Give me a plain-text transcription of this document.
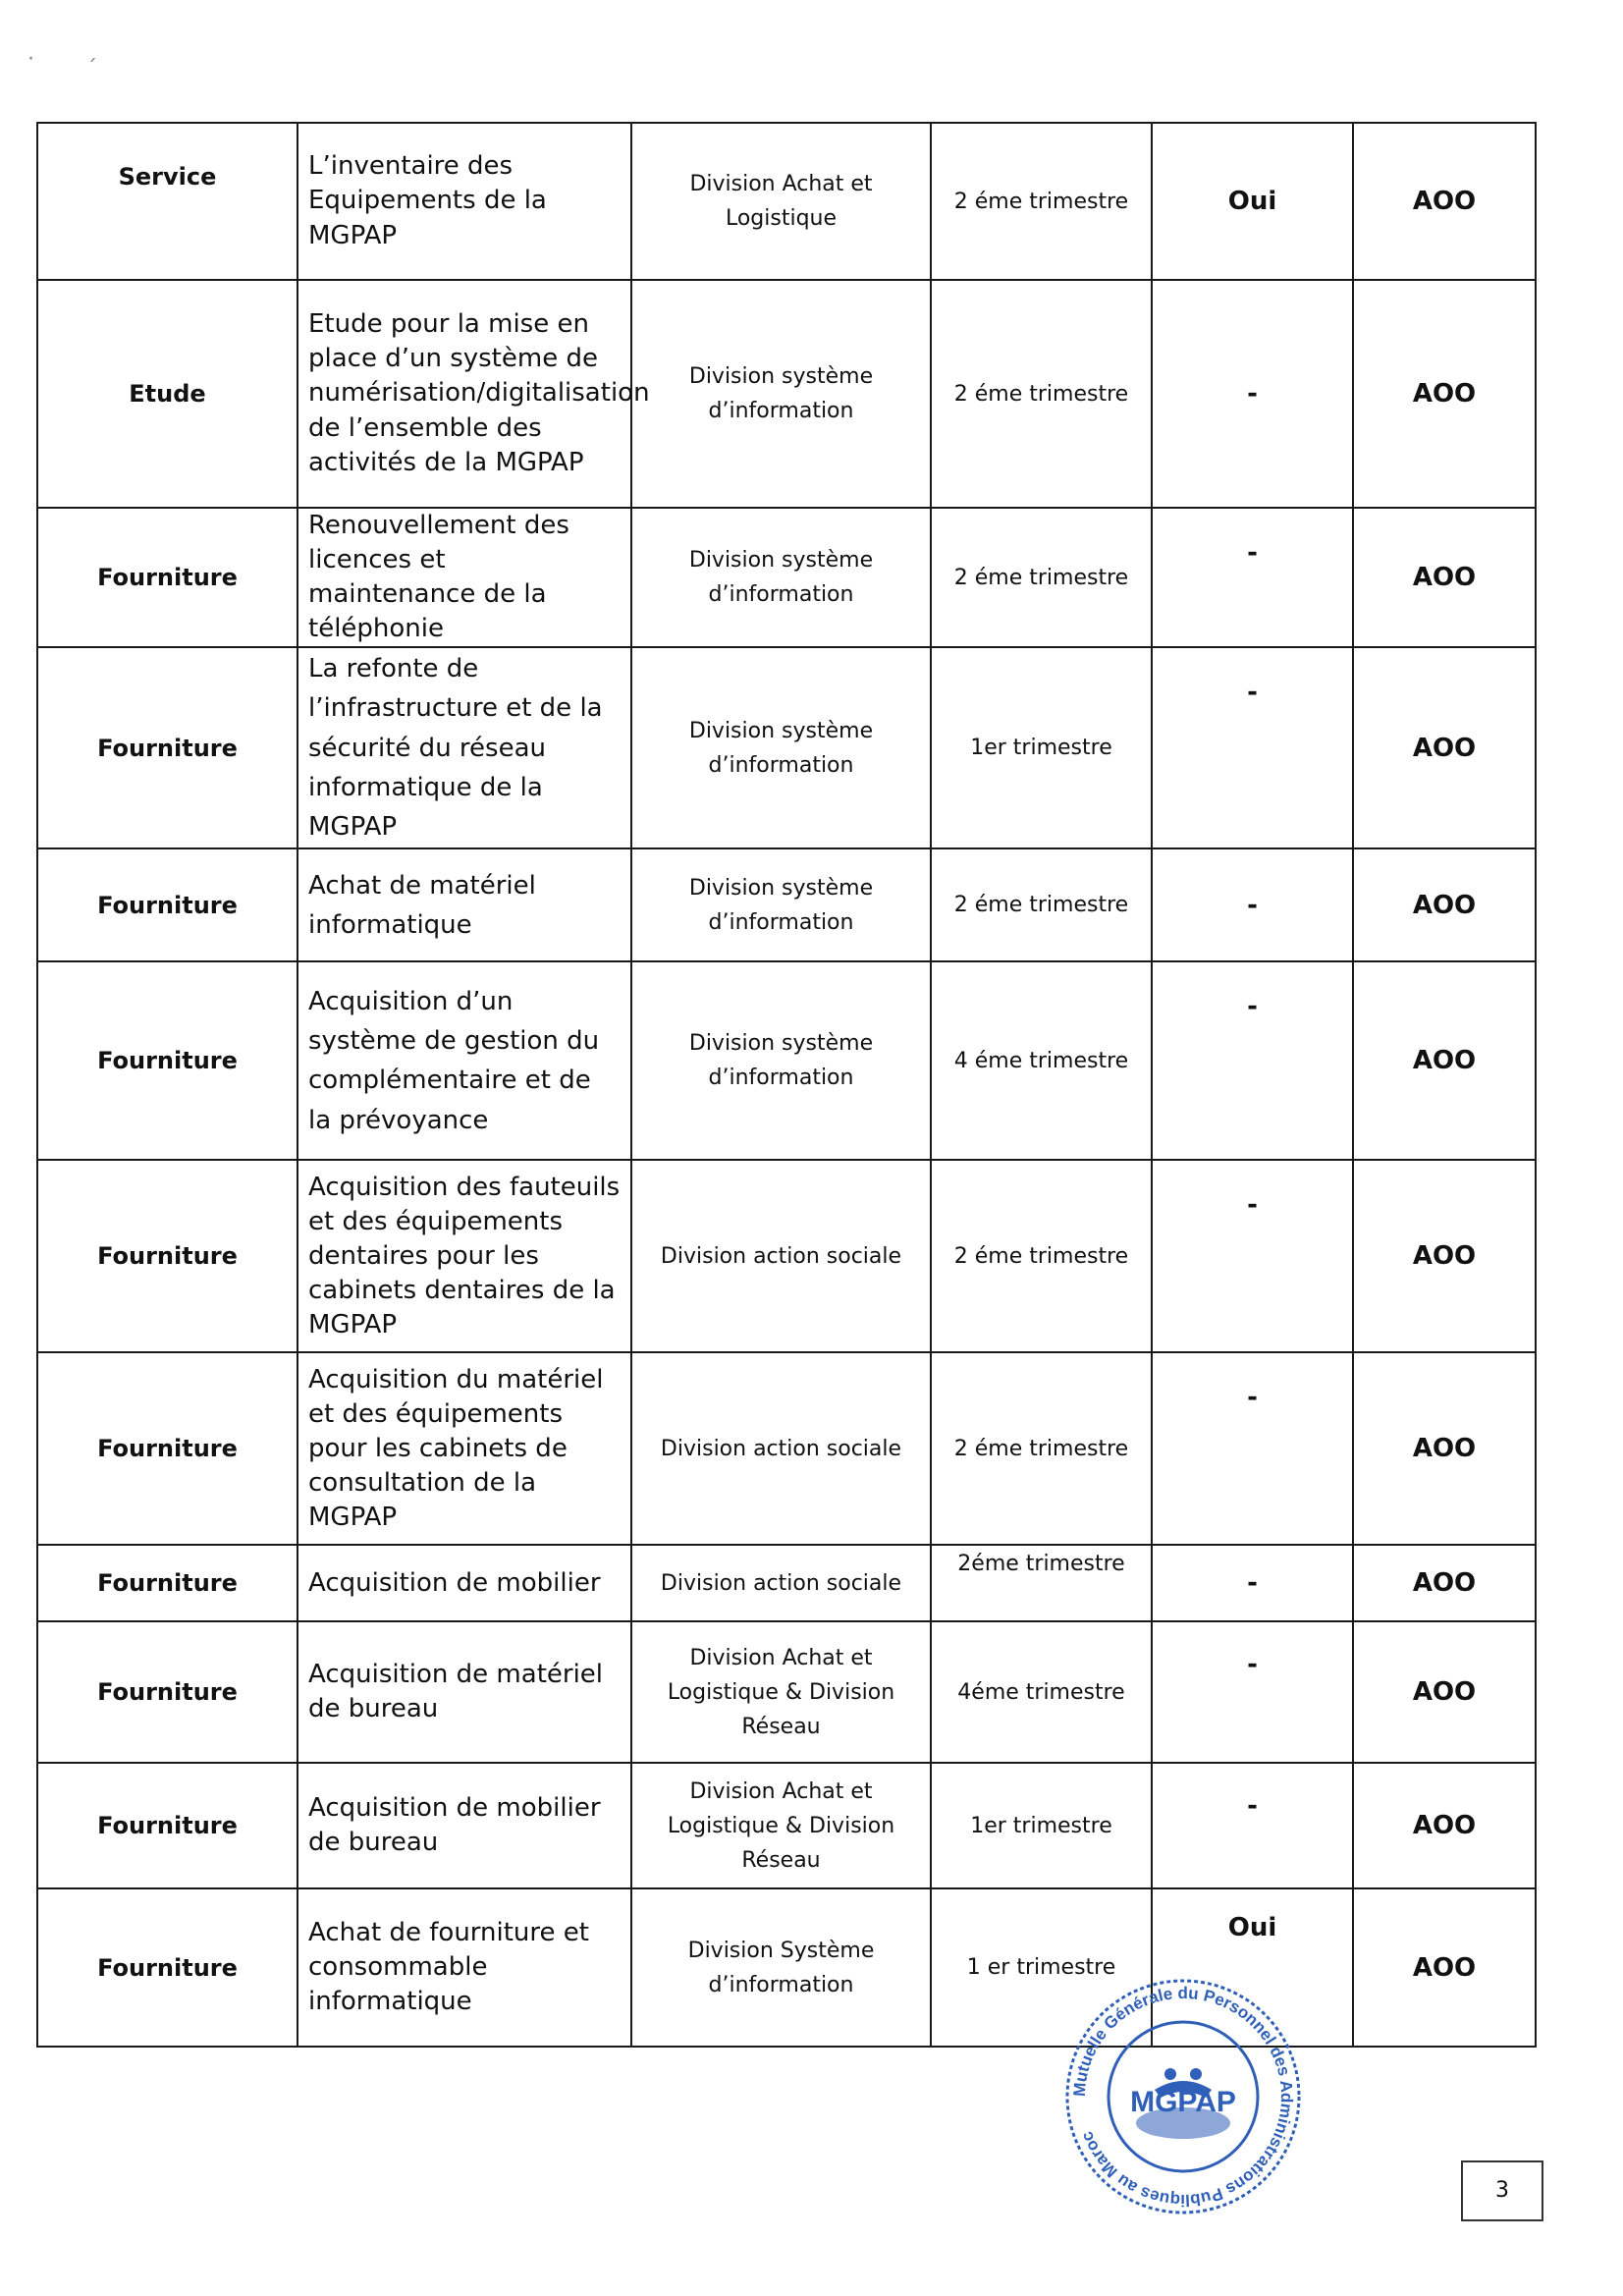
· ´
Service	L’inventaire des Equipements de la MGPAP	Division Achat et Logistique	2 éme trimestre	Oui	AOO
Etude	Etude pour la mise en place d’un système de numérisation/digitalisation de l’ensemble des activités de la MGPAP	Division système d’information	2 éme trimestre	-	AOO
Fourniture	Renouvellement des licences et maintenance de la téléphonie	Division système d’information	2 éme trimestre	-	AOO
Fourniture	La refonte de l’infrastructure et de la sécurité du réseau informatique de la MGPAP	Division système d’information	1er trimestre	-	AOO
Fourniture	Achat de matériel informatique	Division système d’information	2 éme trimestre	-	AOO
Fourniture	Acquisition d’un système de gestion du complémentaire et de la prévoyance	Division système d’information	4 éme trimestre	-	AOO
Fourniture	Acquisition des fauteuils et des équipements dentaires pour les cabinets dentaires de la MGPAP	Division action sociale	2 éme trimestre	-	AOO
Fourniture	Acquisition du matériel et des équipements pour les cabinets de consultation de la MGPAP	Division action sociale	2 éme trimestre	-	AOO
Fourniture	Acquisition de mobilier	Division action sociale	2éme trimestre	-	AOO
Fourniture	Acquisition de matériel de bureau	Division Achat et Logistique & Division Réseau	4éme trimestre	-	AOO
Fourniture	Acquisition de mobilier de bureau	Division Achat et Logistique & Division Réseau	1er trimestre	-	AOO
Fourniture	Achat de fourniture et consommable informatique	Division Système d’information	1 er trimestre	Oui	AOO
Mutuelle Générale du Personnel des Administrations Publiques au Maroc
MGPAP
3
